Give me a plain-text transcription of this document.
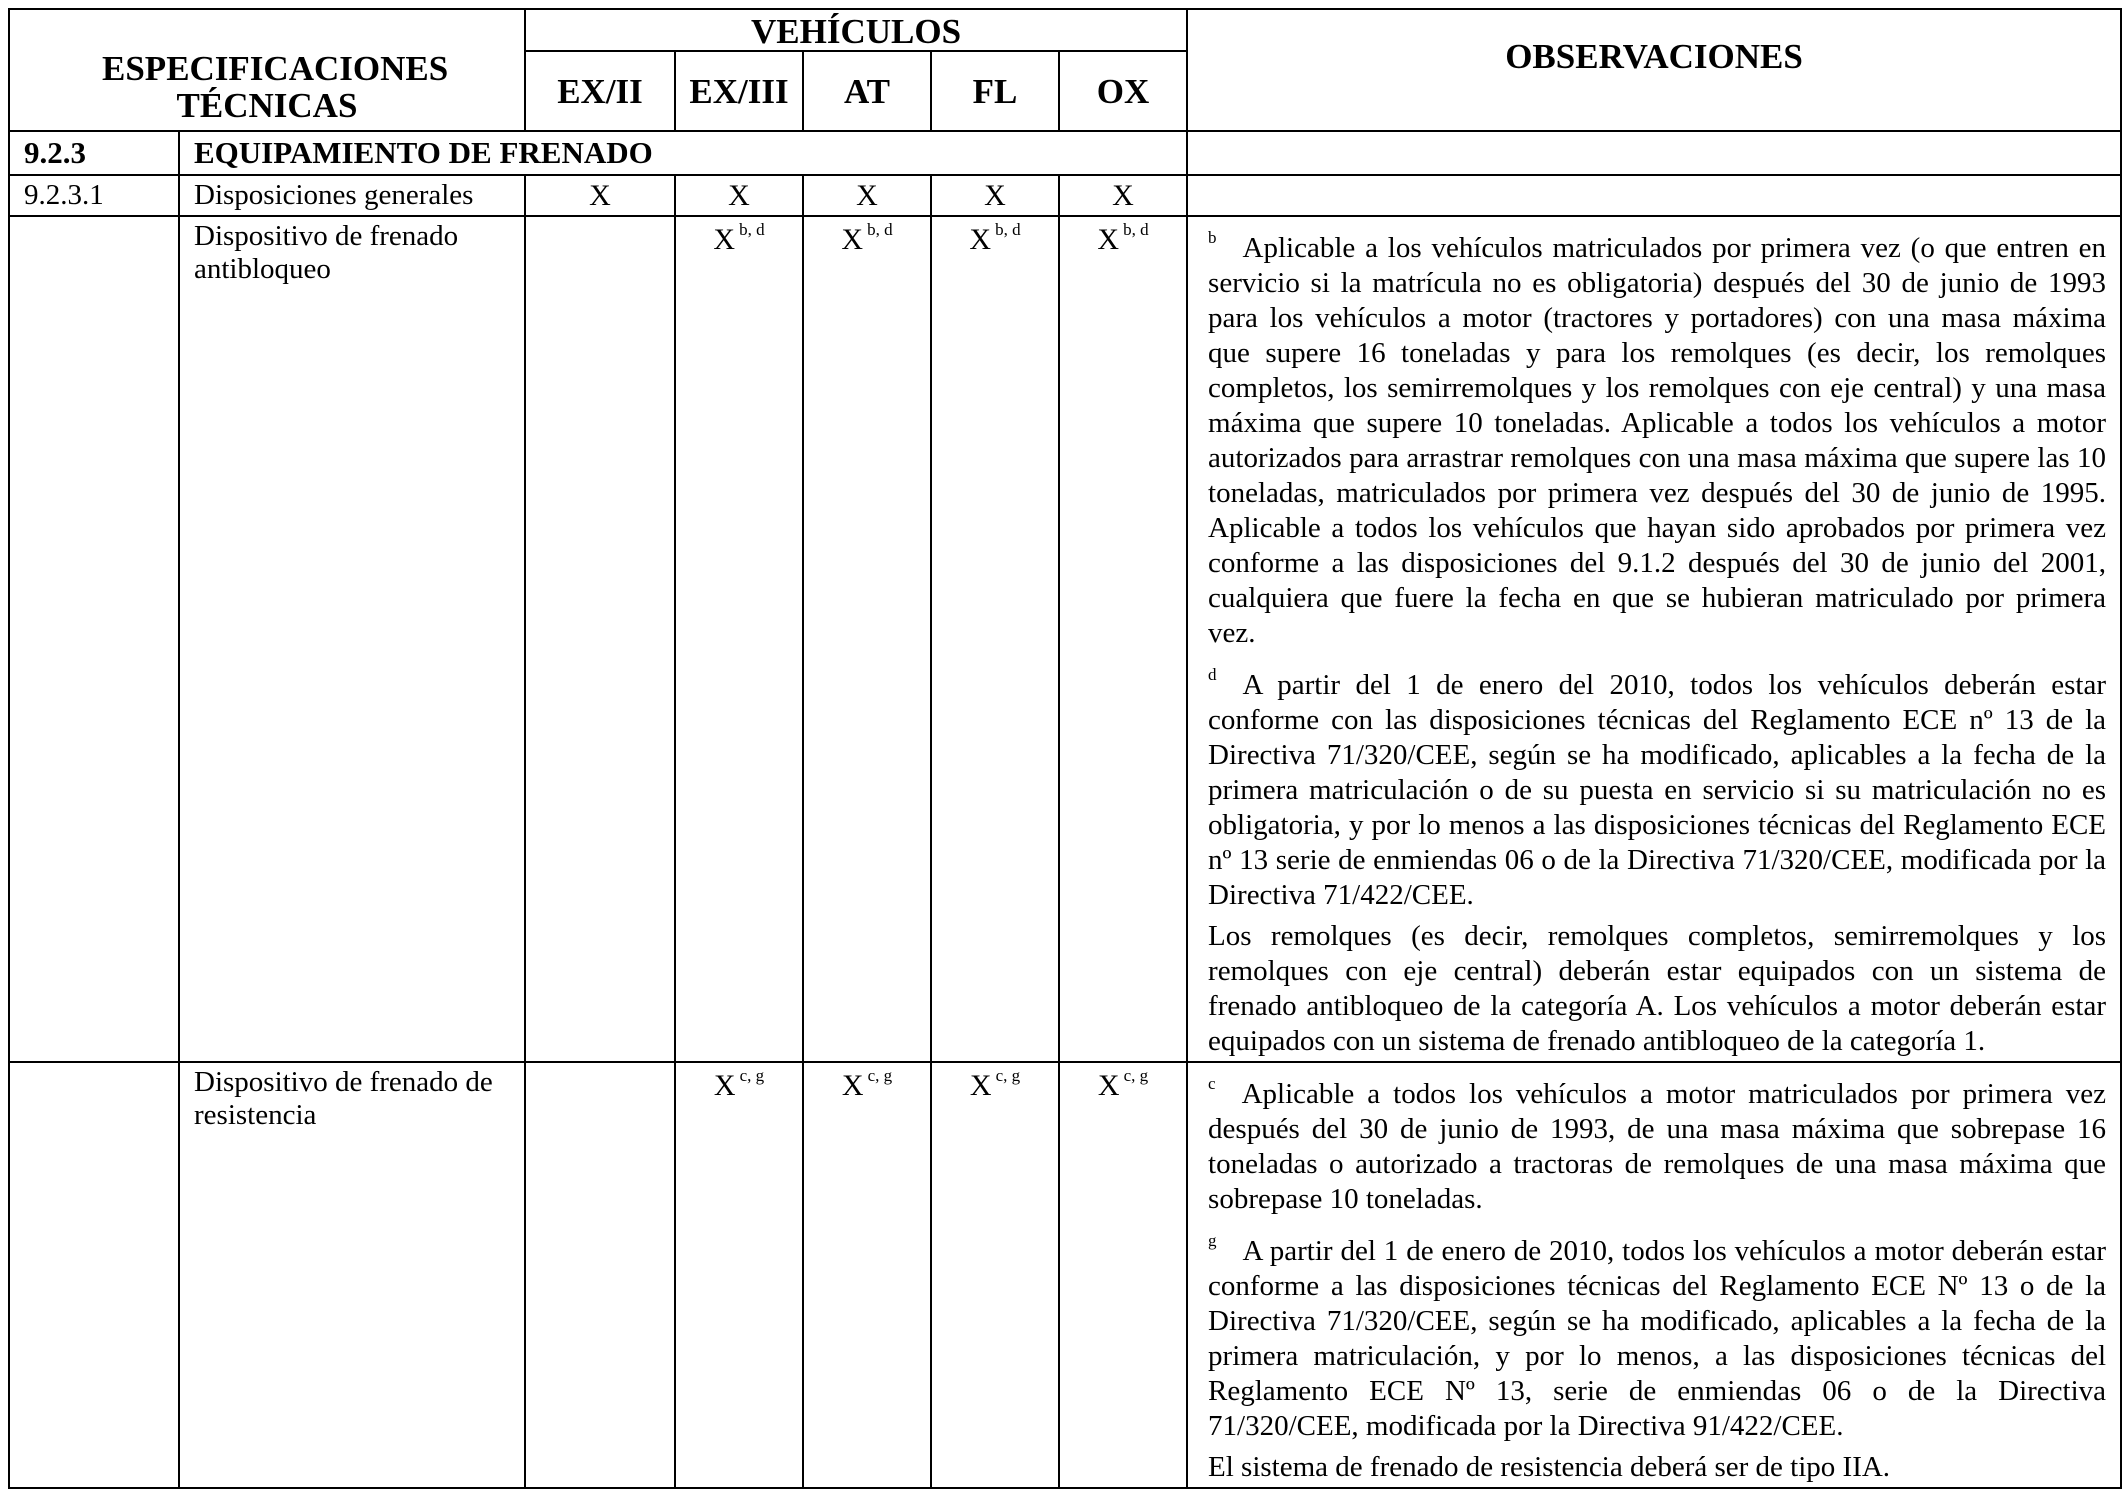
ESPECIFICACIONES TÉCNICAS		VEHÍCULOS					OBSERVACIONES
		EX/II	EX/III	AT	FL	OX	
9.2.3	EQUIPAMIENTO DE FRENADO						
9.2.3.1	Disposiciones generales	X	X	X	X	X	
	Dispositivo de frenado antibloqueo		X $^{b, d}$	X $^{b, d}$	X $^{b, d}$	X $^{b, d}$	$^b$ Aplicable a los vehículos matriculados por primera vez (o que entren en servicio si la matrícula no es obligatoria) después del 30 de junio de 1993 para los vehículos a motor (tractores y portadores) con una masa máxima que supere 16 toneladas y para los remolques (es decir, los remolques completos, los semirremolques y los remolques con eje central) y una masa máxima que supere 10 toneladas. Aplicable a todos los vehículos a motor autorizados para arrastrar remolques con una masa máxima que supere las 10 toneladas, matriculados por primera vez después del 30 de junio de 1995. Aplicable a todos los vehículos que hayan sido aprobados por primera vez conforme a las disposiciones del 9.1.2 después del 30 de junio del 2001, cualquiera que fuere la fecha en que se hubieran matriculado por primera vez.

$^d$ A partir del 1 de enero del 2010, todos los vehículos deberán estar conforme con las disposiciones técnicas del Reglamento ECE nº 13 de la Directiva 71/320/CEE, según se ha modificado, aplicables a la fecha de la primera matriculación o de su puesta en servicio si su matriculación no es obligatoria, y por lo menos a las disposiciones técnicas del Reglamento ECE nº 13 serie de enmiendas 06 o de la Directiva 71/320/CEE, modificada por la Directiva 71/422/CEE.

Los remolques (es decir, remolques completos, semirremolques y los remolques con eje central) deberán estar equipados con un sistema de frenado antibloqueo de la categoría A. Los vehículos a motor deberán estar equipados con un sistema de frenado antibloqueo de la categoría 1.

	Dispositivo de frenado de resistencia		X $^{c, g}$	X $^{c, g}$	X $^{c, g}$	X $^{c, g}$	$^c$ Aplicable a todos los vehículos a motor matriculados por primera vez después del 30 de junio de 1993, de una masa máxima que sobrepase 16 toneladas o autorizado a tractoras de remolques de una masa máxima que sobrepase 10 toneladas.

$^g$ A partir del 1 de enero de 2010, todos los vehículos a motor deberán estar conforme a las disposiciones técnicas del Reglamento ECE Nº 13 o de la Directiva 71/320/CEE, según se ha modificado, aplicables a la fecha de la primera matriculación, y por lo menos, a las disposiciones técnicas del Reglamento ECE Nº 13, serie de enmiendas 06 o de la Directiva 71/320/CEE, modificada por la Directiva 91/422/CEE.

El sistema de frenado de resistencia deberá ser de tipo IIA.
